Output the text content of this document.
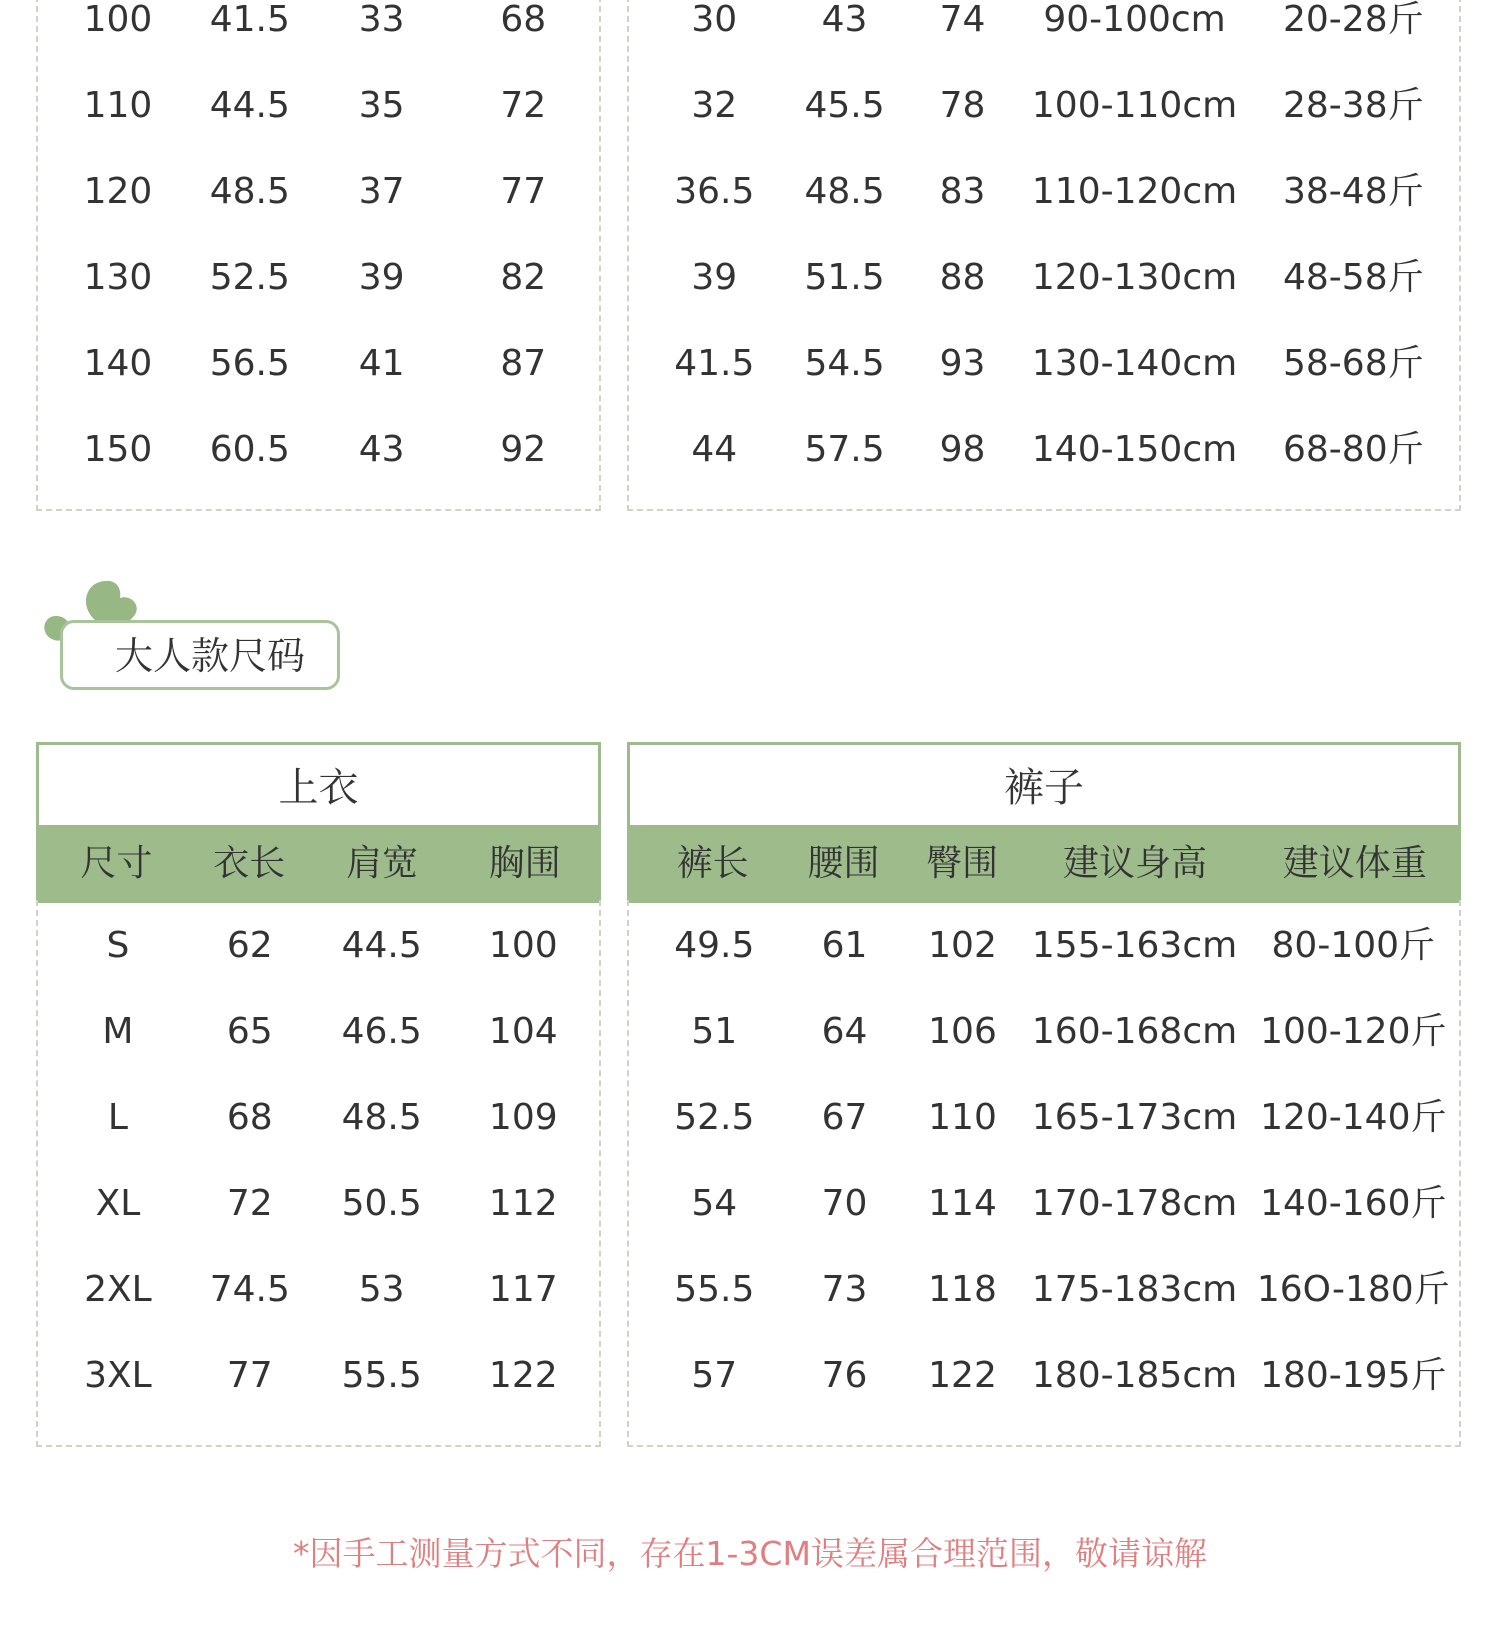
100	41.5	33	68
110	44.5	35	72
120	48.5	37	77
130	52.5	39	82
140	56.5	41	87
150	60.5	43	92
30	43	74	90-100cm	20-28斤
32	45.5	78	100-110cm	28-38斤
36.5	48.5	83	110-120cm	38-48斤
39	51.5	88	120-130cm	48-58斤
41.5	54.5	93	130-140cm	58-68斤
44	57.5	98	140-150cm	68-80斤
大人款尺码
上衣
尺寸	衣长	肩宽	胸围
S	62	44.5	100
M	65	46.5	104
L	68	48.5	109
XL	72	50.5	112
2XL	74.5	53	117
3XL	77	55.5	122
裤子
裤长	腰围	臀围	建议身高	建议体重
49.5	61	102 155-163cm 80-100斤
51	64	106 160-168cm 100-120斤
52.5	67	110 165-173cm 120-140斤
54	70	114 170-178cm 140-160斤
55.5	73	118 175-183cm 16O-180斤
57	76	122 180-185cm 180-195斤
*因手工测量方式不同，存在1-3CM误差属合理范围，敬请谅解
